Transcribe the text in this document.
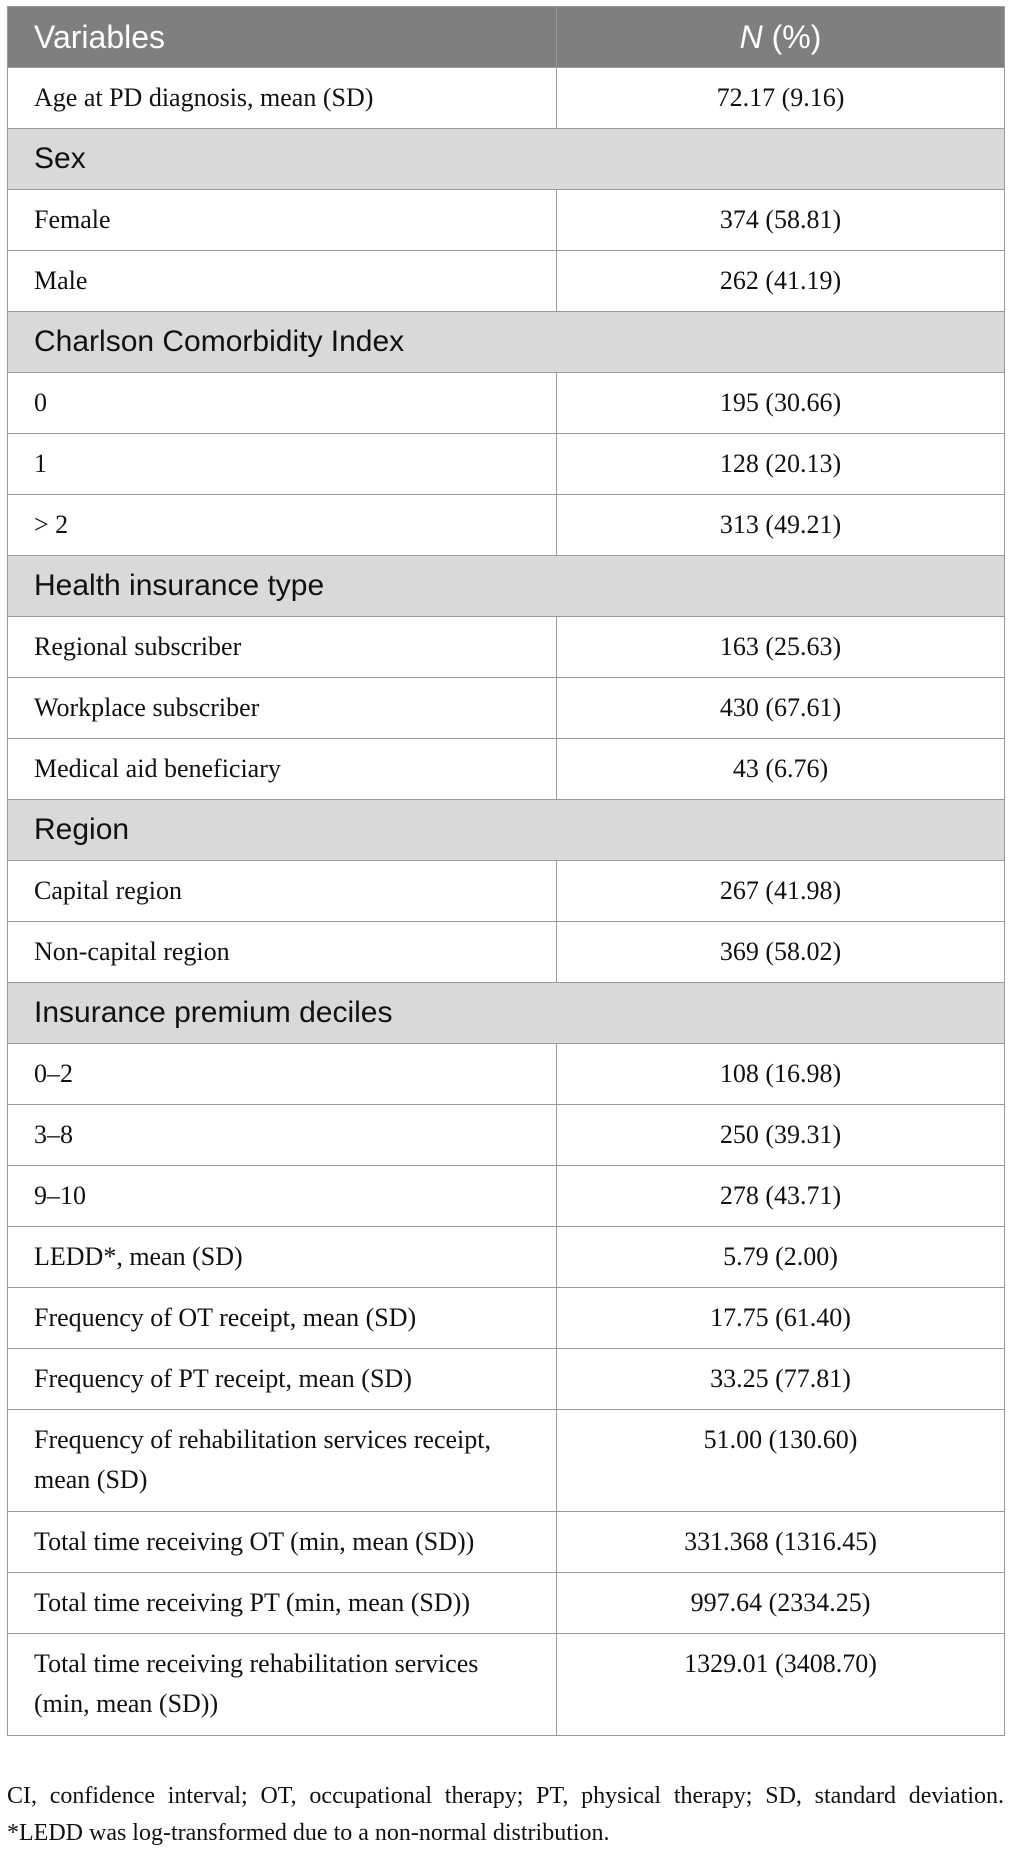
Variables	N (%)
Age at PD diagnosis, mean (SD)	72.17 (9.16)
Sex	
Female	374 (58.81)
Male	262 (41.19)
Charlson Comorbidity Index	
0	195 (30.66)
1	128 (20.13)
> 2	313 (49.21)
Health insurance type	
Regional subscriber	163 (25.63)
Workplace subscriber	430 (67.61)
Medical aid beneficiary	43 (6.76)
Region	
Capital region	267 (41.98)
Non-capital region	369 (58.02)
Insurance premium deciles	
0–2	108 (16.98)
3–8	250 (39.31)
9–10	278 (43.71)
LEDD*, mean (SD)	5.79 (2.00)
Frequency of OT receipt, mean (SD)	17.75 (61.40)
Frequency of PT receipt, mean (SD)	33.25 (77.81)
Frequency of rehabilitation services receipt, mean (SD)	51.00 (130.60)
Total time receiving OT (min, mean (SD))	331.368 (1316.45)
Total time receiving PT (min, mean (SD))	997.64 (2334.25)
Total time receiving rehabilitation services (min, mean (SD))	1329.01 (3408.70)
CI, confidence interval; OT, occupational therapy; PT, physical therapy; SD, standard deviation. *LEDD was log-transformed due to a non-normal distribution.
